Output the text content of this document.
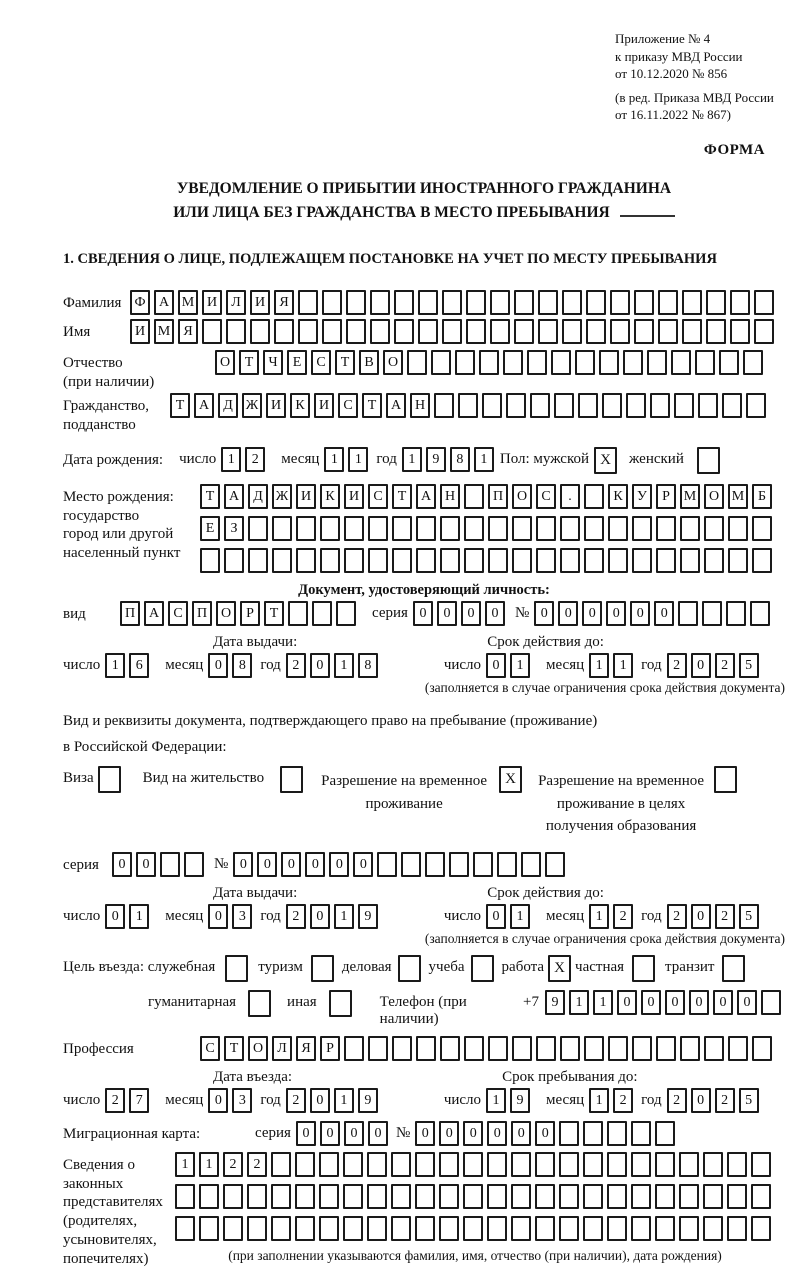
Приложение № 4
к приказу МВД России
от 10.12.2020 № 856
(в ред. Приказа МВД России
от 16.11.2022 № 867)
ФОРМА
УВЕДОМЛЕНИЕ О ПРИБЫТИИ ИНОСТРАННОГО ГРАЖДАНИНА
ИЛИ ЛИЦА БЕЗ ГРАЖДАНСТВА В МЕСТО ПРЕБЫВАНИЯ
1. СВЕДЕНИЯ О ЛИЦЕ, ПОДЛЕЖАЩЕМ ПОСТАНОВКЕ НА УЧЕТ ПО МЕСТУ ПРЕБЫВАНИЯ
Фамилия Ф А М И Л И Я
Имя	И М Я
Отчество
(при наличии)
О Т Ч Е С Т В О
Гражданство,
подданство
Т А Д Ж И К И С Т А Н
Дата рождения: число 1 2	месяц 1 1 год 1 9 8 1 Пол: мужской X	женский
Место рождения:
государство
город или другой
населенный пункт
Т А Д Ж И К И С Т А Н	П О С .	К У Р М О М Б
Е З
Документ, удостоверяющий личность:
вид	П А С П О Р Т	серия 0 0 0 0	№ 0 0 0 0 0 0
Дата выдачи:	Срок действия до:
число 1 6	месяц 0 8 год 2 0 1 8	число 0 1	месяц 1 1 год 2 0 2 5
(заполняется в случае ограничения срока действия документа)
Вид и реквизиты документа, подтверждающего право на пребывание (проживание)
в Российской Федерации:
Виза	Вид на жительство	Разрешение на временное
проживание
X	Разрешение на временное
проживание в целях
получения образования
серия	0 0	№ 0 0 0 0 0 0
Дата выдачи:	Срок действия до:
число 0 1	месяц 0 3 год 2 0 1 9	число 0 1	месяц 1 2 год 2 0 2 5
(заполняется в случае ограничения срока действия документа)
Цель въезда: служебная	туризм	деловая учеба работа X частная	транзит
гуманитарная	иная	Телефон (при наличии)
+7 9 1 1 0 0 0 0 0 0
Профессия	С Т О Л Я Р
Дата въезда:	Срок пребывания до:
число 2 7	месяц 0 3 год 2 0 1 9	число 1 9	месяц 1 2 год 2 0 2 5
Миграционная карта:	серия 0 0 0 0 № 0 0 0 0 0 0
Сведения о
законных
представителях
(родителях,
усыновителях,
попечителях)
1 1 2 2
(при заполнении указываются фамилия, имя, отчество (при наличии), дата рождения)
